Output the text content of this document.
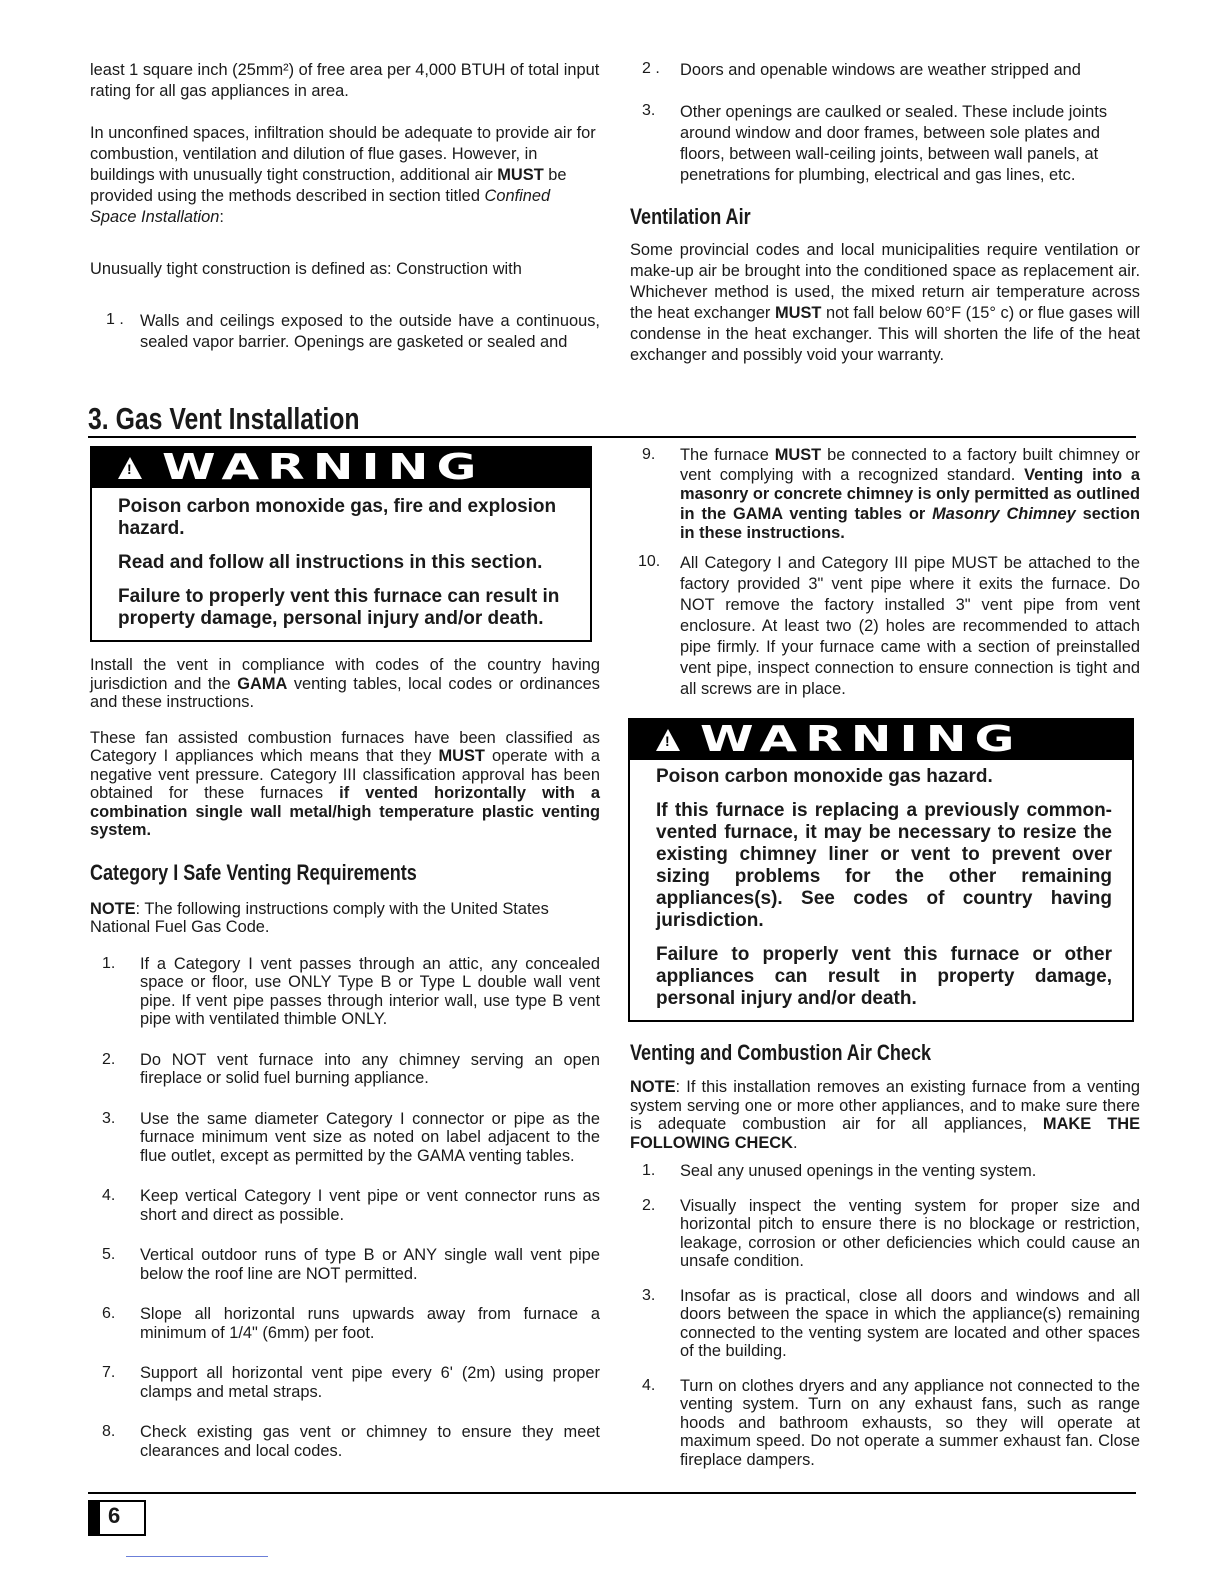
least 1 square inch (25mm²) of free area per 4,000 BTUH of total input rating for all gas appliances in area.

In unconfined spaces, infiltration should be adequate to provide air for combustion, ventilation and dilution of flue gases. However, in buildings with unusually tight construction, additional air MUST be provided using the methods described in section titled Confined Space Installation:

Unusually tight construction is defined as: Construction with

1 . Walls and ceilings exposed to the outside have a continuous, sealed vapor barrier. Openings are gasketed or sealed and

2 . Doors and openable windows are weather stripped and

3. Other openings are caulked or sealed. These include joints around window and door frames, between sole plates and floors, between wall-ceiling joints, between wall panels, at penetrations for plumbing, electrical and gas lines, etc.

Ventilation Air

Some provincial codes and local municipalities require ventilation or make-up air be brought into the conditioned space as replacement air. Whichever method is used, the mixed return air temperature across the heat exchanger MUST not fall below 60°F (15° c) or flue gases will condense in the heat exchanger. This will shorten the life of the heat exchanger and possibly void your warranty.

3. Gas Vent Installation
!
WARNING

Poison carbon monoxide gas, fire and explosion hazard.

Read and follow all instructions in this section.

Failure to properly vent this furnace can result in property damage, personal injury and/or death.

Install the vent in compliance with codes of the country having jurisdiction and the GAMA venting tables, local codes or ordinances and these instructions.

These fan assisted combustion furnaces have been classified as Category I appliances which means that they MUST operate with a negative vent pressure. Category III classification approval has been obtained for these furnaces if vented horizontally with a combination single wall metal/high temperature plastic venting system.

Category I Safe Venting Requirements

NOTE: The following instructions comply with the United States National Fuel Gas Code.

1. If a Category I vent passes through an attic, any concealed space or floor, use ONLY Type B or Type L double wall vent pipe. If vent pipe passes through interior wall, use type B vent pipe with ventilated thimble ONLY.

2. Do NOT vent furnace into any chimney serving an open fireplace or solid fuel burning appliance.

3. Use the same diameter Category I connector or pipe as the furnace minimum vent size as noted on label adjacent to the flue outlet, except as permitted by the GAMA venting tables.

4. Keep vertical Category I vent pipe or vent connector runs as short and direct as possible.

5. Vertical outdoor runs of type B or ANY single wall vent pipe below the roof line are NOT permitted.

6. Slope all horizontal runs upwards away from furnace a minimum of 1/4" (6mm) per foot.

7. Support all horizontal vent pipe every 6' (2m) using proper clamps and metal straps.

8. Check existing gas vent or chimney to ensure they meet clearances and local codes.

9. The furnace MUST be connected to a factory built chimney or vent complying with a recognized standard. Venting into a masonry or concrete chimney is only permitted as outlined in the GAMA venting tables or Masonry Chimney section in these instructions.

10. All Category I and Category III pipe MUST be attached to the factory provided 3" vent pipe where it exits the furnace. Do NOT remove the factory installed 3" vent pipe from vent enclosure. At least two (2) holes are recommended to attach pipe firmly. If your furnace came with a section of preinstalled vent pipe, inspect connection to ensure connection is tight and all screws are in place.

!
WARNING

Poison carbon monoxide gas hazard.

If this furnace is replacing a previously common-vented furnace, it may be necessary to resize the existing chimney liner or vent to prevent over sizing problems for the other remaining appliances(s). See codes of country having jurisdiction.

Failure to properly vent this furnace or other appliances can result in property damage, personal injury and/or death.

Venting and Combustion Air Check

NOTE: If this installation removes an existing furnace from a venting system serving one or more other appliances, and to make sure there is adequate combustion air for all appliances, MAKE THE FOLLOWING CHECK.

1. Seal any unused openings in the venting system.

2. Visually inspect the venting system for proper size and horizontal pitch to ensure there is no blockage or restriction, leakage, corrosion or other deficiencies which could cause an unsafe condition.

3. Insofar as is practical, close all doors and windows and all doors between the space in which the appliance(s) remaining connected to the venting system are located and other spaces of the building.

4. Turn on clothes dryers and any appliance not connected to the venting system. Turn on any exhaust fans, such as range hoods and bathroom exhausts, so they will operate at maximum speed. Do not operate a summer exhaust fan. Close fireplace dampers.

6
